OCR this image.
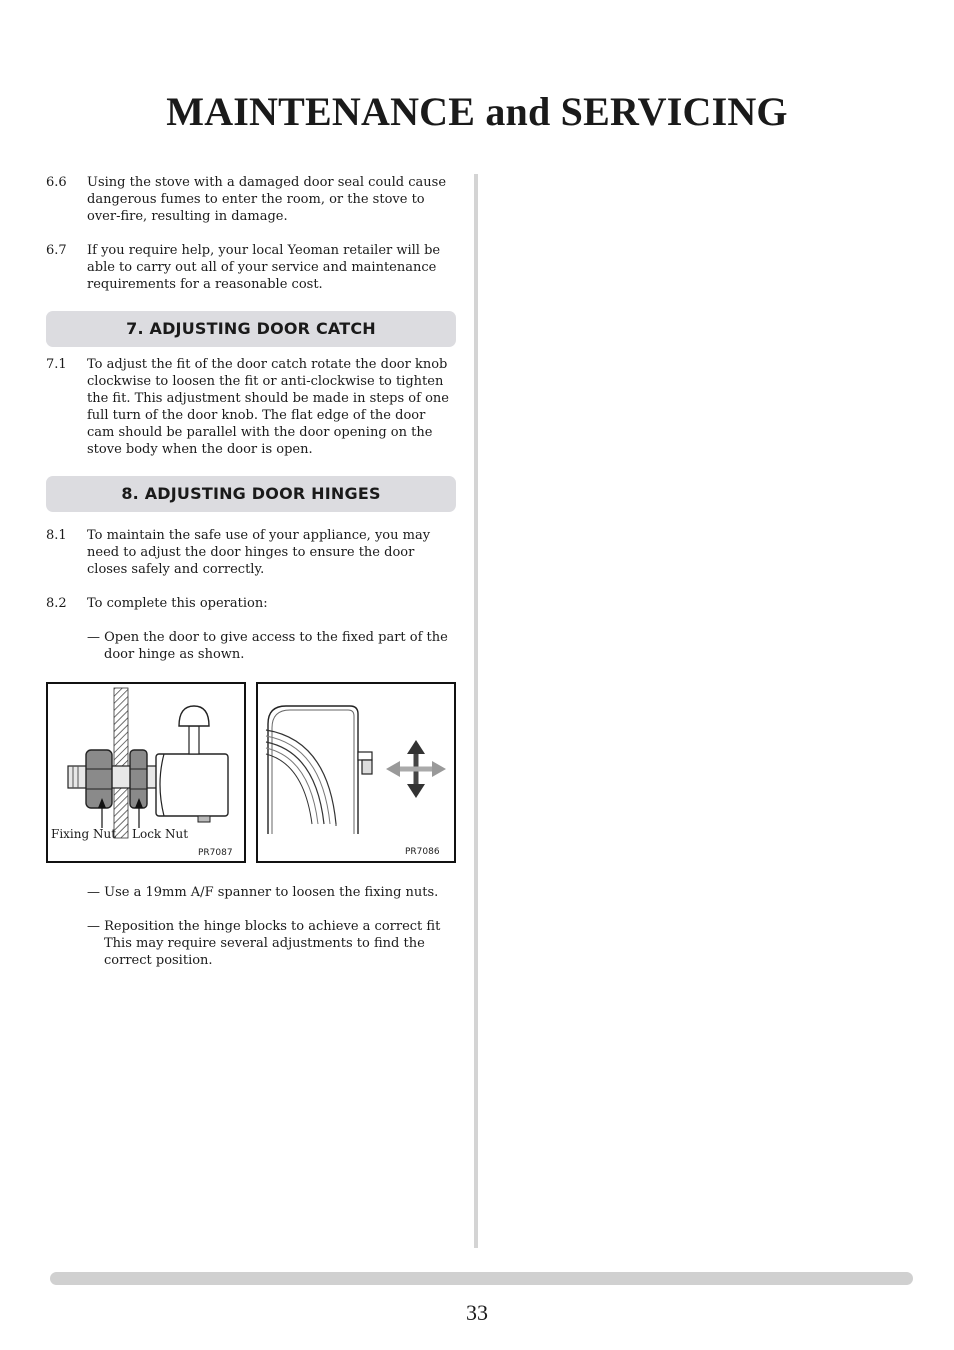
MAINTENANCE and SERVICING

6.6 Using the stove with a damaged door seal could cause dangerous fumes to enter the room, or the stove to over-fire, resulting in damage.

6.7 If you require help, your local Yeoman retailer will be able to carry out all of your service and maintenance requirements for a reasonable cost.

7. ADJUSTING DOOR CATCH

7.1 To adjust the fit of the door catch rotate the door knob clockwise to loosen the fit or anti-clockwise to tighten the fit. This adjustment should be made in steps of one full turn of the door knob. The flat edge of the door cam should be parallel with the door opening on the stove body when the door is open.

8. ADJUSTING DOOR HINGES

8.1 To maintain the safe use of your appliance, you may need to adjust the door hinges to ensure the door closes safely and correctly.

8.2 To complete this operation:

— Open the door to give access to the fixed part of the door hinge as shown.

Fixing Nut Lock Nut
PR7087	PR7086

— Use a 19mm A/F spanner to loosen the fixing nuts.

— Reposition the hinge blocks to achieve a correct fit
This may require several adjustments to find the correct position.

33
